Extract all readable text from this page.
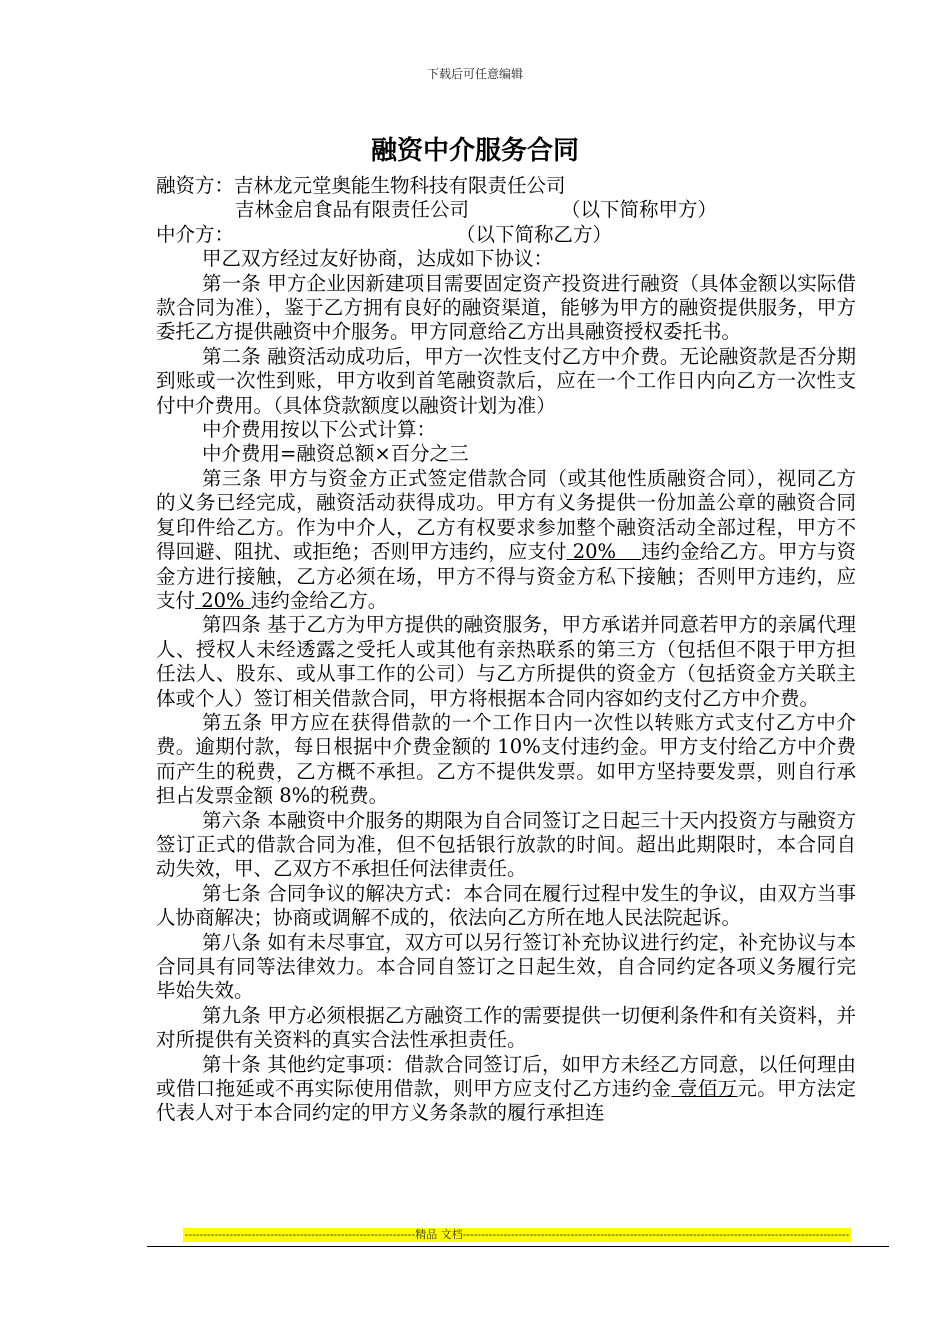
下载后可任意编辑
融资中介服务合同

融资方：吉林龙元堂奥能生物科技有限责任公司

吉林金启食品有限责任公司	（以下简称甲方）

中介方：	（以下简称乙方）

甲乙双方经过友好协商，达成如下协议：

第一条 甲方企业因新建项目需要固定资产投资进行融资（具体金额以实际借款合同为准），鉴于乙方拥有良好的融资渠道，能够为甲方的融资提供服务，甲方委托乙方提供融资中介服务。甲方同意给乙方出具融资授权委托书。

第二条 融资活动成功后，甲方一次性支付乙方中介费。无论融资款是否分期到账或一次性到账，甲方收到首笔融资款后，应在一个工作日内向乙方一次性支付中介费用。（具体贷款额度以融资计划为准）

中介费用按以下公式计算：

中介费用=融资总额×百分之三

第三条 甲方与资金方正式签定借款合同（或其他性质融资合同），视同乙方的义务已经完成，融资活动获得成功。甲方有义务提供一份加盖公章的融资合同复印件给乙方。作为中介人，乙方有权要求参加整个融资活动全部过程，甲方不得回避、阻扰、或拒绝；否则甲方违约，应支付 20%    违约金给乙方。甲方与资金方进行接触，乙方必须在场，甲方不得与资金方私下接触；否则甲方违约，应支付 20% 违约金给乙方。

第四条 基于乙方为甲方提供的融资服务，甲方承诺并同意若甲方的亲属代理人、授权人未经透露之受托人或其他有亲热联系的第三方（包括但不限于甲方担任法人、股东、或从事工作的公司）与乙方所提供的资金方（包括资金方关联主体或个人）签订相关借款合同，甲方将根据本合同内容如约支付乙方中介费。

第五条 甲方应在获得借款的一个工作日内一次性以转账方式支付乙方中介费。逾期付款，每日根据中介费金额的 10%支付违约金。甲方支付给乙方中介费而产生的税费，乙方概不承担。乙方不提供发票。如甲方坚持要发票，则自行承担占发票金额 8%的税费。

第六条 本融资中介服务的期限为自合同签订之日起三十天内投资方与融资方签订正式的借款合同为准，但不包括银行放款的时间。超出此期限时，本合同自动失效，甲、乙双方不承担任何法律责任。

第七条 合同争议的解决方式：本合同在履行过程中发生的争议，由双方当事人协商解决；协商或调解不成的，依法向乙方所在地人民法院起诉。

第八条 如有未尽事宜，双方可以另行签订补充协议进行约定，补充协议与本合同具有同等法律效力。本合同自签订之日起生效，自合同约定各项义务履行完毕始失效。

第九条 甲方必须根据乙方融资工作的需要提供一切便利条件和有关资料，并对所提供有关资料的真实合法性承担责任。

第十条 其他约定事项：借款合同签订后，如甲方未经乙方同意，以任何理由或借口拖延或不再实际使用借款，则甲方应支付乙方违约金 壹佰万元。甲方法定代表人对于本合同约定的甲方义务条款的履行承担连

--------------------------------------------------------------精品 文档--------------------------------------------------------------------------------------------------------
